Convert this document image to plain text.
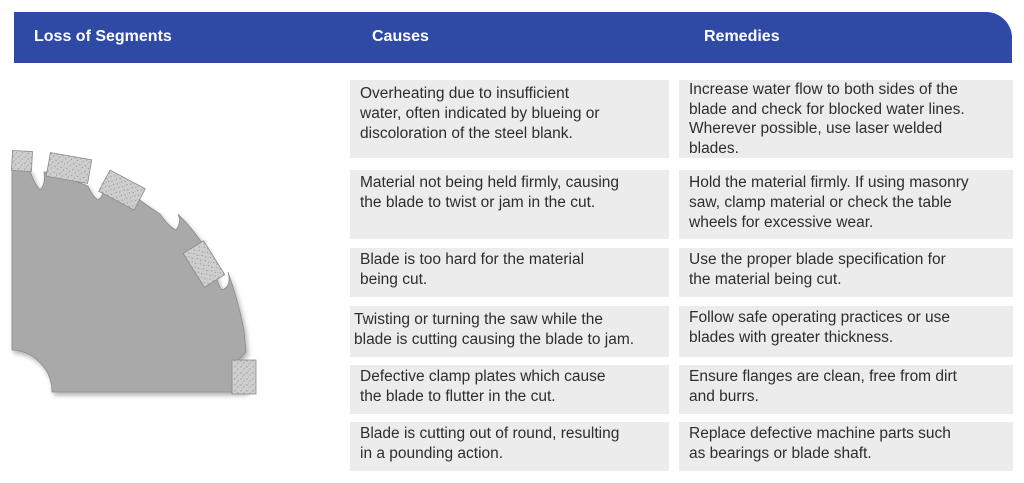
Loss of Segments	Causes	Remedies
Overheating due to insufficient
water, often indicated by blueing or
discoloration of the steel blank.
Increase water flow to both sides of the
blade and check for blocked water lines.
Wherever possible, use laser welded
blades.
Material not being held firmly, causing
the blade to twist or jam in the cut.
Hold the material firmly. If using masonry
saw, clamp material or check the table
wheels for excessive wear.
Blade is too hard for the material
being cut.
Use the proper blade specification for
the material being cut.
Twisting or turning the saw while the
blade is cutting causing the blade to jam.
Follow safe operating practices or use
blades with greater thickness.
Defective clamp plates which cause
the blade to flutter in the cut.
Ensure flanges are clean, free from dirt
and burrs.
Blade is cutting out of round, resulting
in a pounding action.
Replace defective machine parts such
as bearings or blade shaft.
